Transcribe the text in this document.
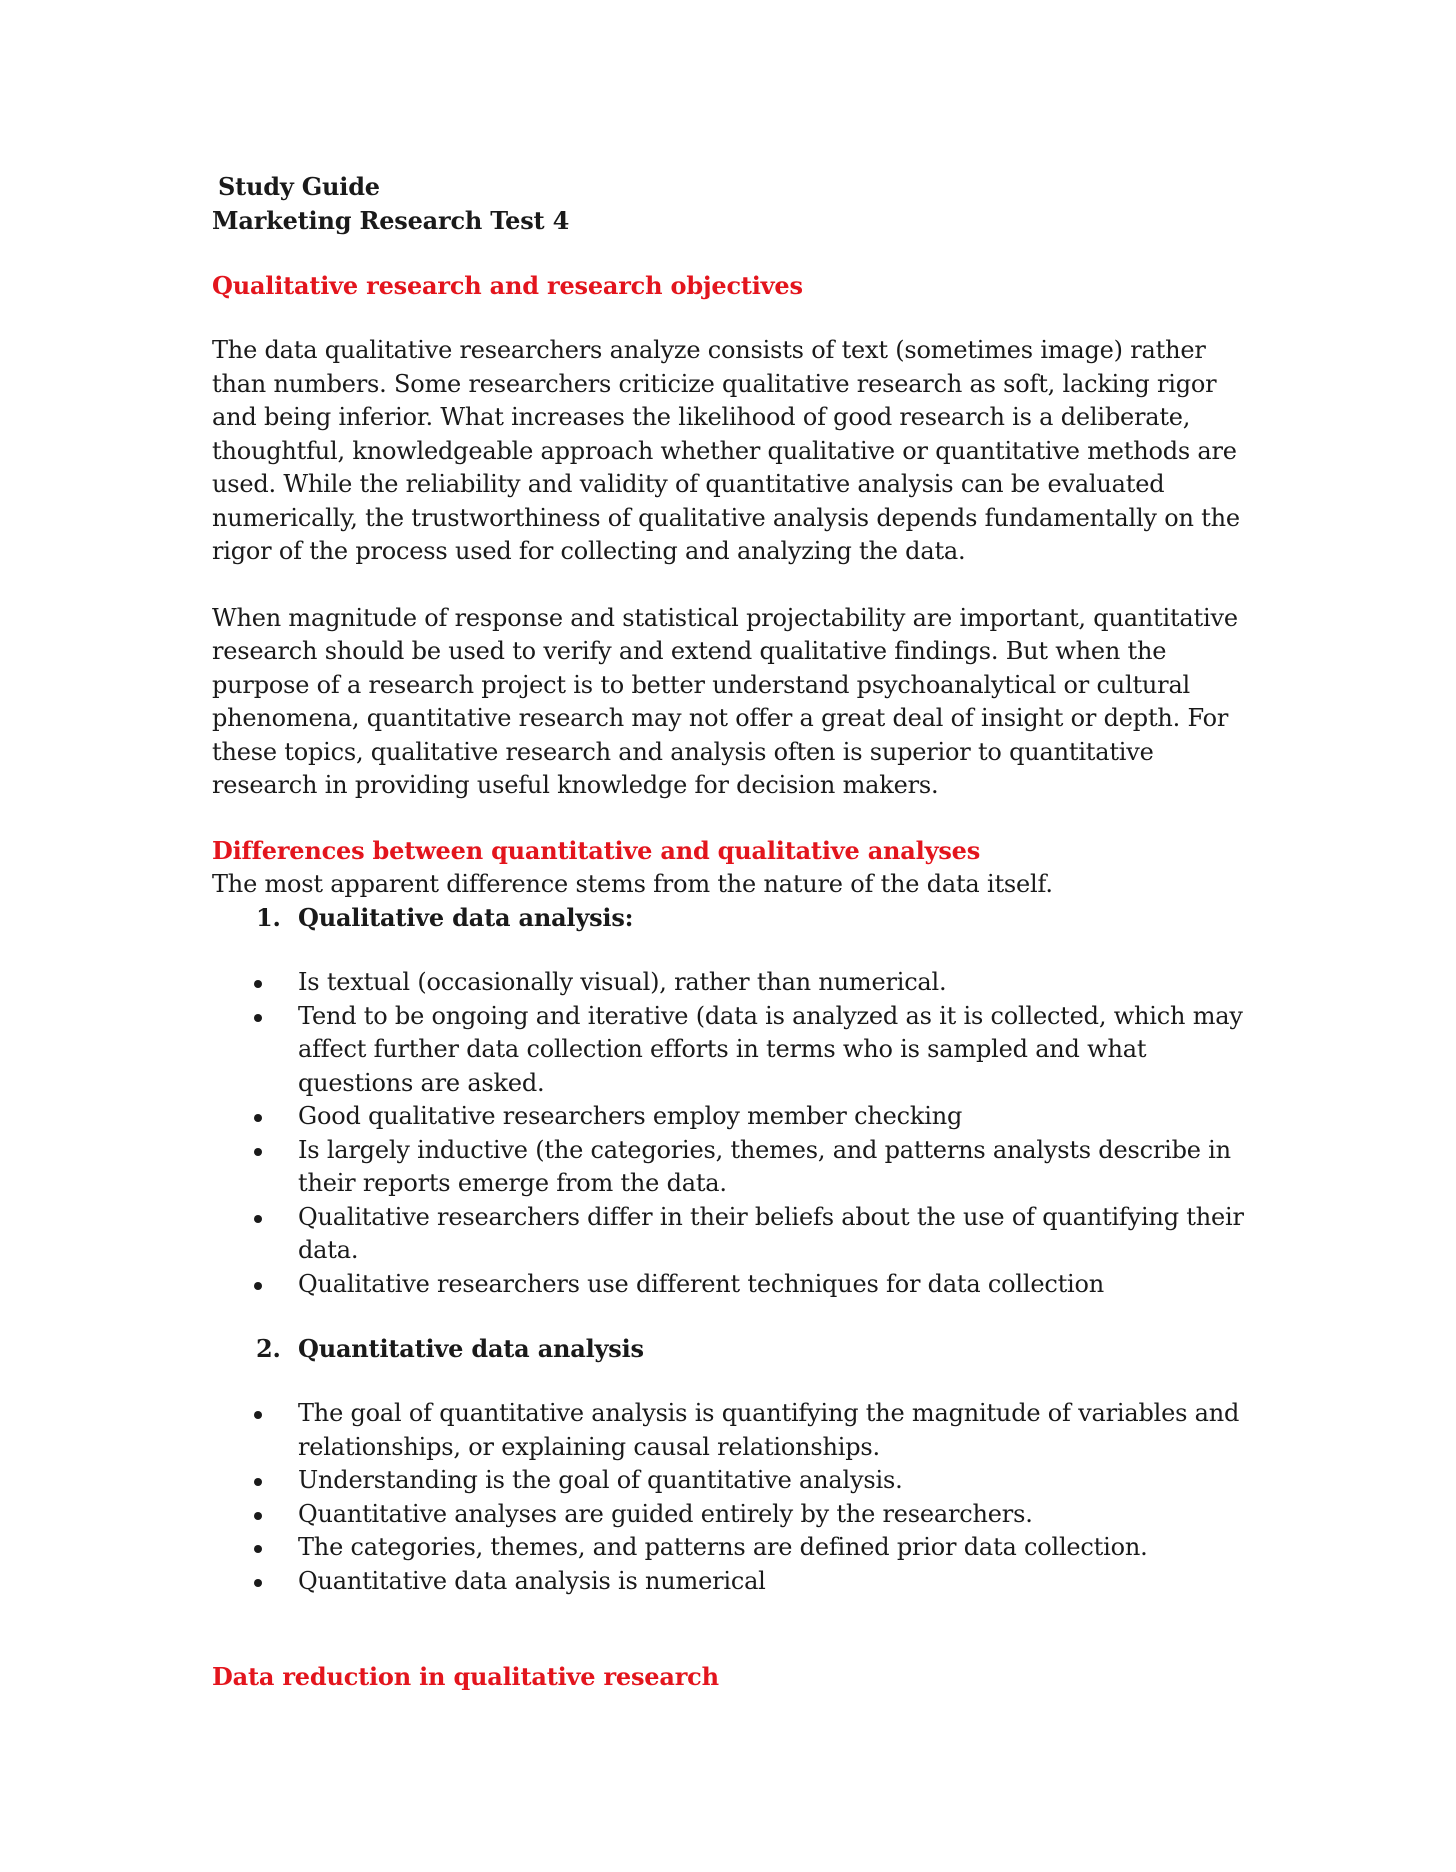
Study Guide
Marketing Research Test 4
Qualitative research and research objectives

The data qualitative researchers analyze consists of text (sometimes image) rather than numbers. Some researchers criticize qualitative research as soft, lacking rigor and being inferior. What increases the likelihood of good research is a deliberate, thoughtful, knowledgeable approach whether qualitative or quantitative methods are used. While the reliability and validity of quantitative analysis can be evaluated numerically, the trustworthiness of qualitative analysis depends fundamentally on the rigor of the process used for collecting and analyzing the data.

When magnitude of response and statistical projectability are important, quantitative research should be used to verify and extend qualitative findings. But when the purpose of a research project is to better understand psychoanalytical or cultural phenomena, quantitative research may not offer a great deal of insight or depth. For these topics, qualitative research and analysis often is superior to quantitative research in providing useful knowledge for decision makers.

Differences between quantitative and qualitative analyses

The most apparent difference stems from the nature of the data itself.

1. Qualitative data analysis:
Is textual (occasionally visual), rather than numerical.
Tend to be ongoing and iterative (data is analyzed as it is collected, which may affect further data collection efforts in terms who is sampled and what questions are asked.
Good qualitative researchers employ member checking
Is largely inductive (the categories, themes, and patterns analysts describe in their reports emerge from the data.
Qualitative researchers differ in their beliefs about the use of quantifying their data.
Qualitative researchers use different techniques for data collection
2. Quantitative data analysis
The goal of quantitative analysis is quantifying the magnitude of variables and relationships, or explaining causal relationships.
Understanding is the goal of quantitative analysis.
Quantitative analyses are guided entirely by the researchers.
The categories, themes, and patterns are defined prior data collection.
Quantitative data analysis is numerical
Data reduction in qualitative research
